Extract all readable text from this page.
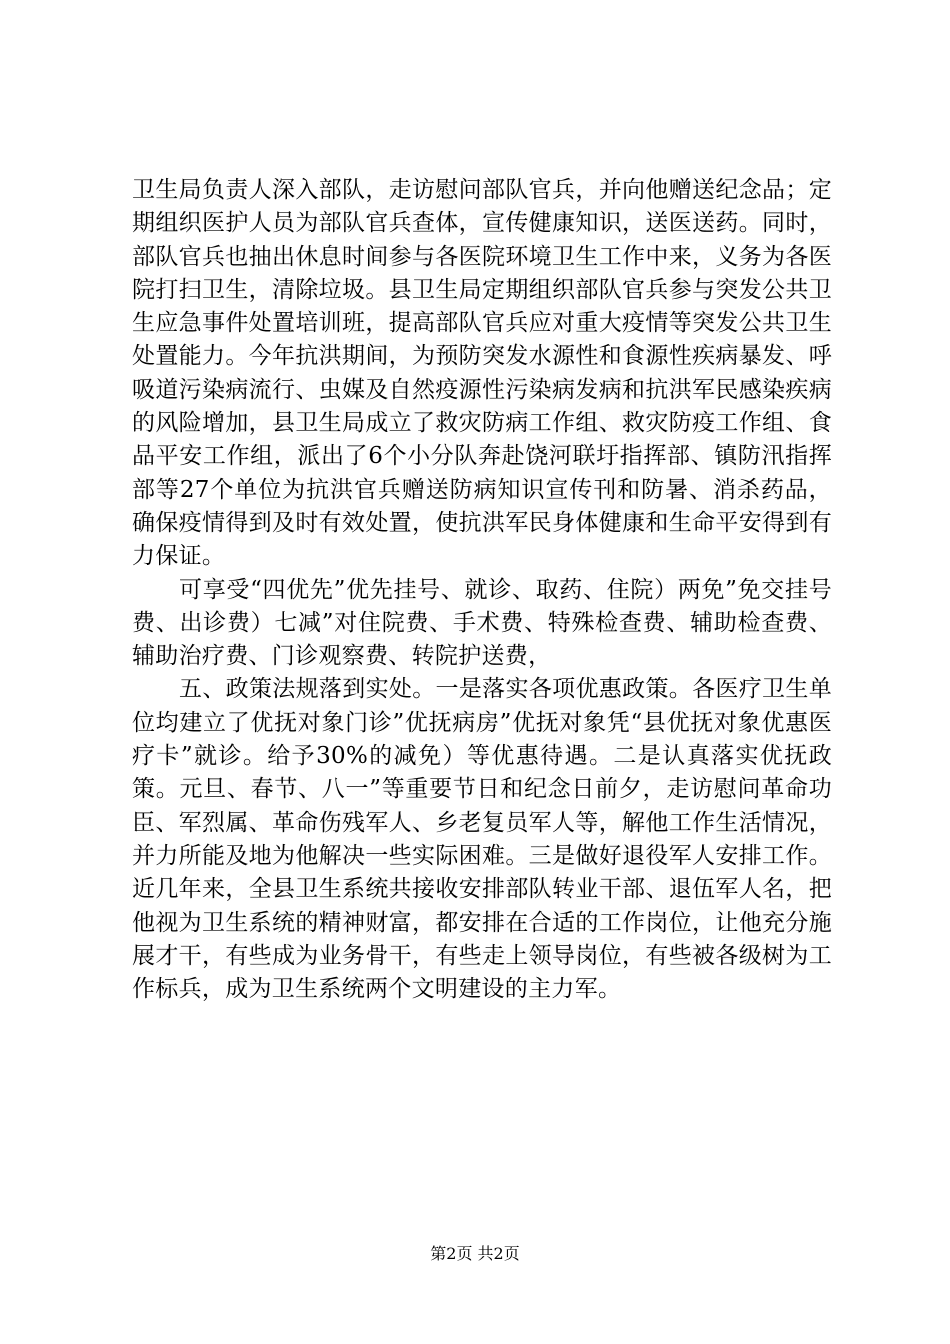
卫生局负责人深入部队，走访慰问部队官兵，并向他赠送纪念品；定期组织医护人员为部队官兵查体，宣传健康知识，送医送药。同时，部队官兵也抽出休息时间参与各医院环境卫生工作中来，义务为各医院打扫卫生，清除垃圾。县卫生局定期组织部队官兵参与突发公共卫生应急事件处置培训班，提高部队官兵应对重大疫情等突发公共卫生处置能力。今年抗洪期间，为预防突发水源性和食源性疾病暴发、呼吸道污染病流行、虫媒及自然疫源性污染病发病和抗洪军民感染疾病的风险增加，县卫生局成立了救灾防病工作组、救灾防疫工作组、食品平安工作组，派出了6个小分队奔赴饶河联圩指挥部、镇防汛指挥部等27个单位为抗洪官兵赠送防病知识宣传刊和防暑、消杀药品，确保疫情得到及时有效处置，使抗洪军民身体健康和生命平安得到有力保证。

可享受“四优先”优先挂号、就诊、取药、住院）两免”免交挂号费、出诊费）七减”对住院费、手术费、特殊检查费、辅助检查费、辅助治疗费、门诊观察费、转院护送费，

五、政策法规落到实处。一是落实各项优惠政策。各医疗卫生单位均建立了优抚对象门诊”优抚病房”优抚对象凭“县优抚对象优惠医疗卡”就诊。给予30%的减免）等优惠待遇。二是认真落实优抚政策。元旦、春节、八一”等重要节日和纪念日前夕，走访慰问革命功臣、军烈属、革命伤残军人、乡老复员军人等，解他工作生活情况，并力所能及地为他解决一些实际困难。三是做好退役军人安排工作。近几年来，全县卫生系统共接收安排部队转业干部、退伍军人名，把他视为卫生系统的精神财富，都安排在合适的工作岗位，让他充分施展才干，有些成为业务骨干，有些走上领导岗位，有些被各级树为工作标兵，成为卫生系统两个文明建设的主力军。

第2页 共2页
